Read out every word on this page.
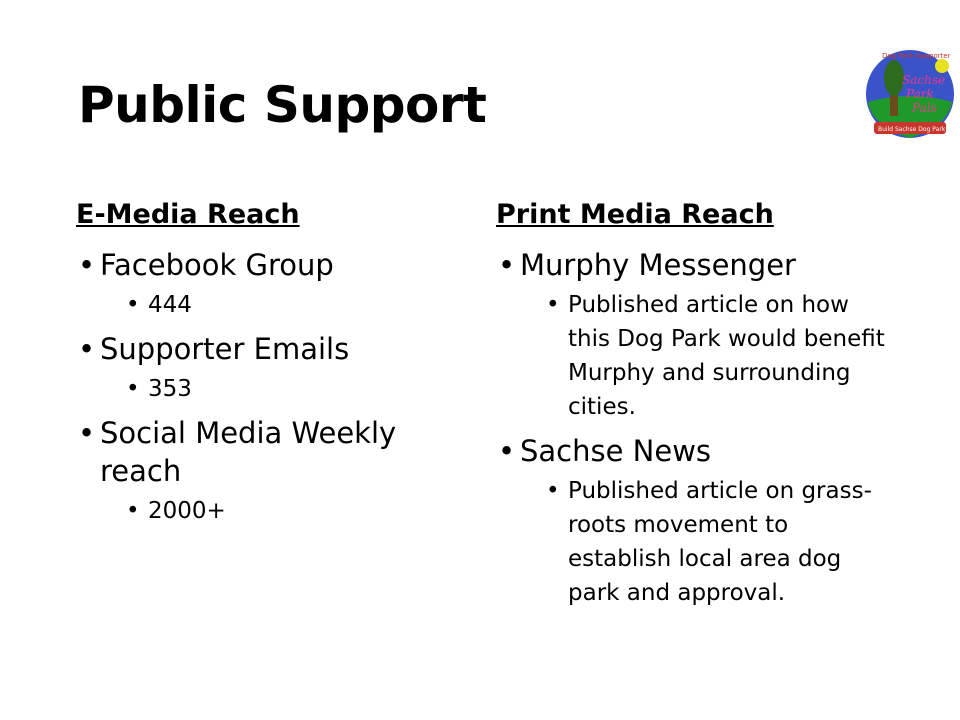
Public Support	Sachse
Park
Pals
Dog Park Supporter
Build Sachse Dog Park
E-Media Reach
• Facebook Group
• 444
• Supporter Emails
• 353
• Social Media Weekly reach
• 2000+
Print Media Reach
• Murphy Messenger
• Published article on how this Dog Park would benefit Murphy and surrounding cities.
• Sachse News
• Published article on grass-roots movement to establish local area dog park and approval.
